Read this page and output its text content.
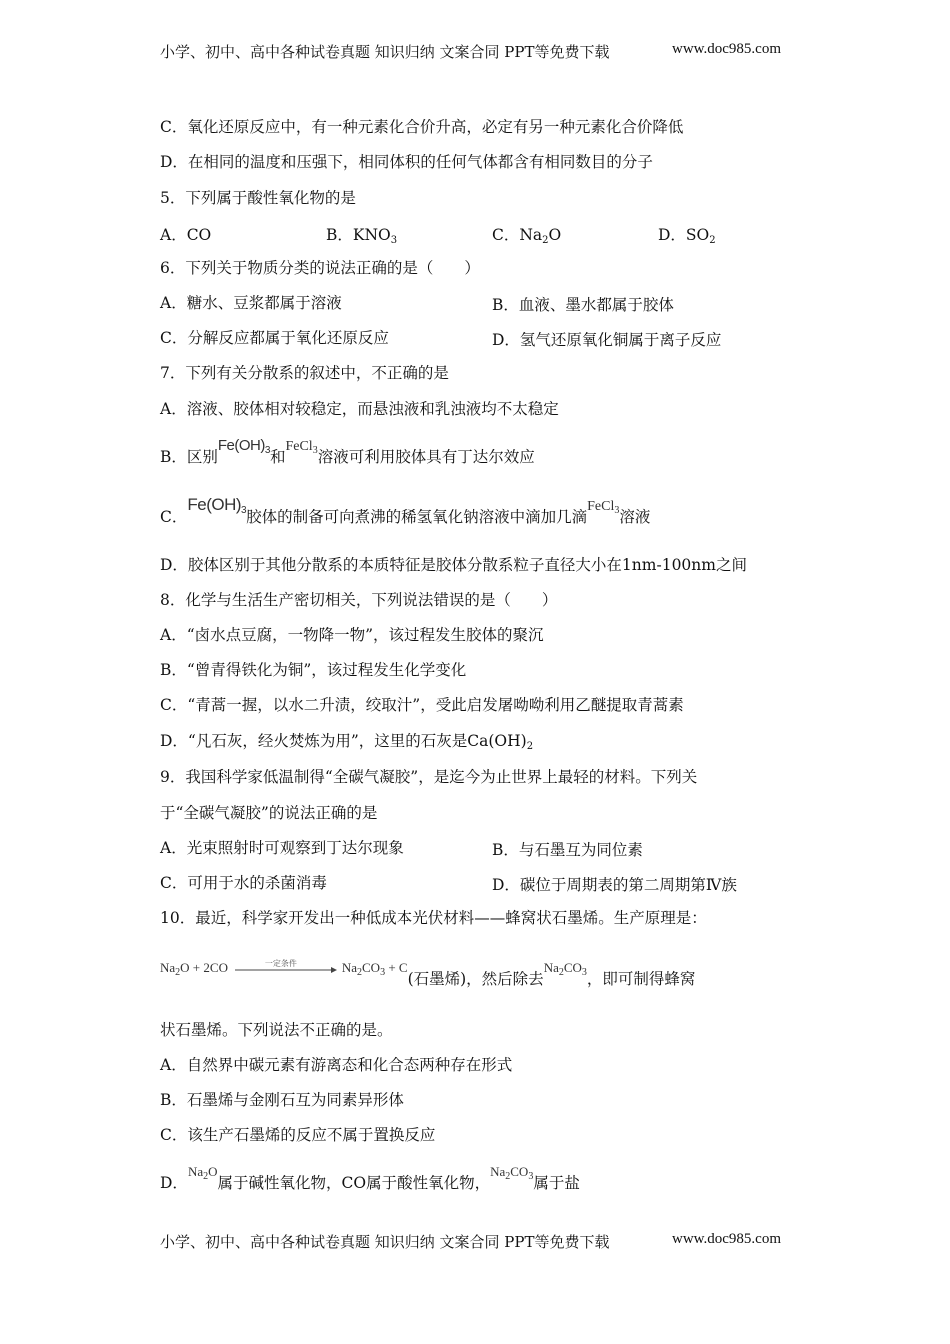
小学、初中、高中各种试卷真题 知识归纳 文案合同 PPT等免费下载	www.doc985.com
C．氧化还原反应中，有一种元素化合价升高，必定有另一种元素化合价降低
D．在相同的温度和压强下，相同体积的任何气体都含有相同数目的分子
5．下列属于酸性氧化物的是
A．CO	B．$KNO_3$	C．$Na_2O$	D．$SO_2$
6．下列关于物质分类的说法正确的是（　　）
A．糖水、豆浆都属于溶液	B．血液、墨水都属于胶体
C．分解反应都属于氧化还原反应	D．氢气还原氧化铜属于离子反应
7．下列有关分散系的叙述中，不正确的是
A．溶液、胶体相对较稳定，而悬浊液和乳浊液均不太稳定
B．区别$Fe(OH)_3$和FeCl$_3$溶液可利用胶体具有丁达尔效应
C．$Fe(OH)_3$胶体的制备可向煮沸的稀氢氧化钠溶液中滴加几滴FeCl$_3$溶液
D．胶体区别于其他分散系的本质特征是胶体分散系粒子直径大小在1nm-100nm之间
8．化学与生活生产密切相关，下列说法错误的是（　　）
A．“卤水点豆腐，一物降一物”，该过程发生胶体的聚沉
B．“曾青得铁化为铜”，该过程发生化学变化
C．“青蒿一握，以水二升渍，绞取汁”，受此启发屠呦呦利用乙醚提取青蒿素
D．“凡石灰，经火焚炼为用”，这里的石灰是$Ca(OH)_2$
9．我国科学家低温制得“全碳气凝胶”，是迄今为止世界上最轻的材料。下列关
于“全碳气凝胶”的说法正确的是
A．光束照射时可观察到丁达尔现象	B．与石墨互为同位素
C．可用于水的杀菌消毒	D．碳位于周期表的第二周期第Ⅳ族
10．最近，科学家开发出一种低成本光伏材料——蜂窝状石墨烯。生产原理是：
$Na_2O + 2CO$	一定条件	$Na_2CO_3 + C$(石墨烯)，然后除去$Na_2CO_3$，即可制得蜂窝
状石墨烯。下列说法不正确的是。
A．自然界中碳元素有游离态和化合态两种存在形式
B．石墨烯与金刚石互为同素异形体
C．该生产石墨烯的反应不属于置换反应
D．$Na_2O$属于碱性氧化物，CO属于酸性氧化物，$Na_2CO_3$属于盐
小学、初中、高中各种试卷真题 知识归纳 文案合同 PPT等免费下载	www.doc985.com
